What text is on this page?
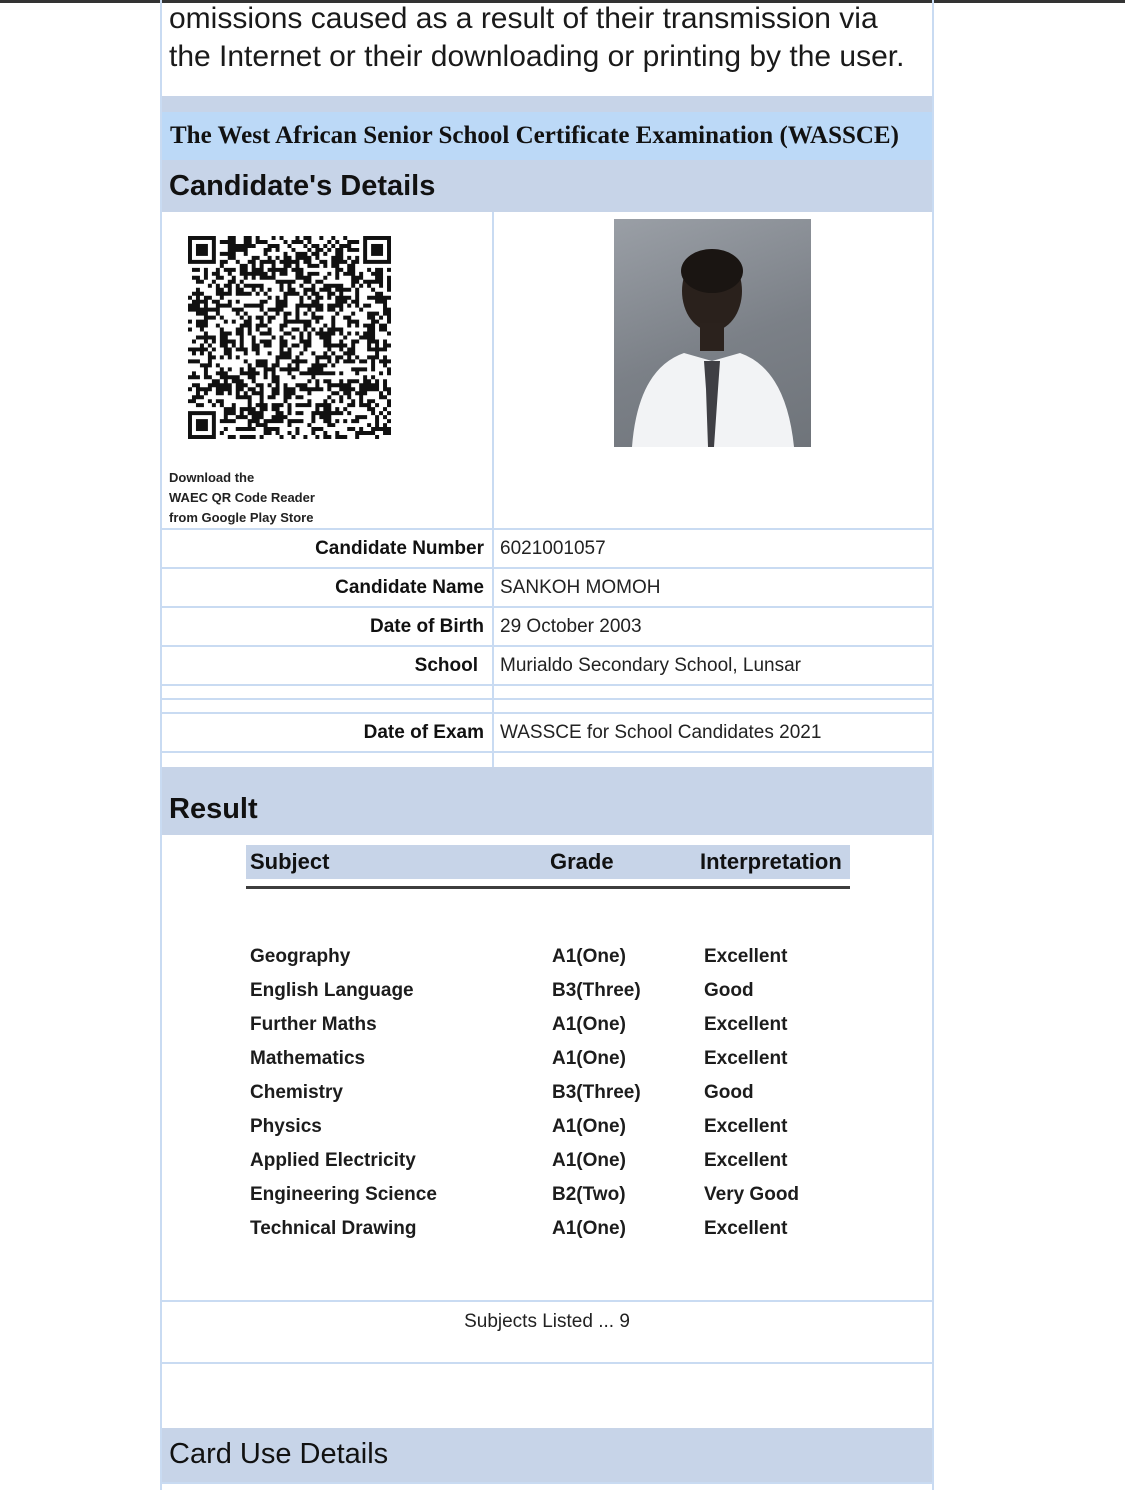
omissions caused as a result of their transmission via
the Internet or their downloading or printing by the user.
The West African Senior School Certificate Examination (WASSCE)
Candidate's Details
Download the
WAEC QR Code Reader
from Google Play Store
Candidate Number 6021001057
Candidate Name SANKOH MOMOH
Date of Birth 29 October 2003
School Murialdo Secondary School, Lunsar
Date of Exam WASSCE for School Candidates 2021
Result
Subject	Grade	Interpretation
Geography	A1(One)	Excellent
English Language	B3(Three)	Good
Further Maths	A1(One)	Excellent
Mathematics	A1(One)	Excellent
Chemistry	B3(Three)	Good
Physics	A1(One)	Excellent
Applied Electricity	A1(One)	Excellent
Engineering Science	B2(Two)	Very Good
Technical Drawing	A1(One)	Excellent
Subjects Listed ... 9
Card Use Details
